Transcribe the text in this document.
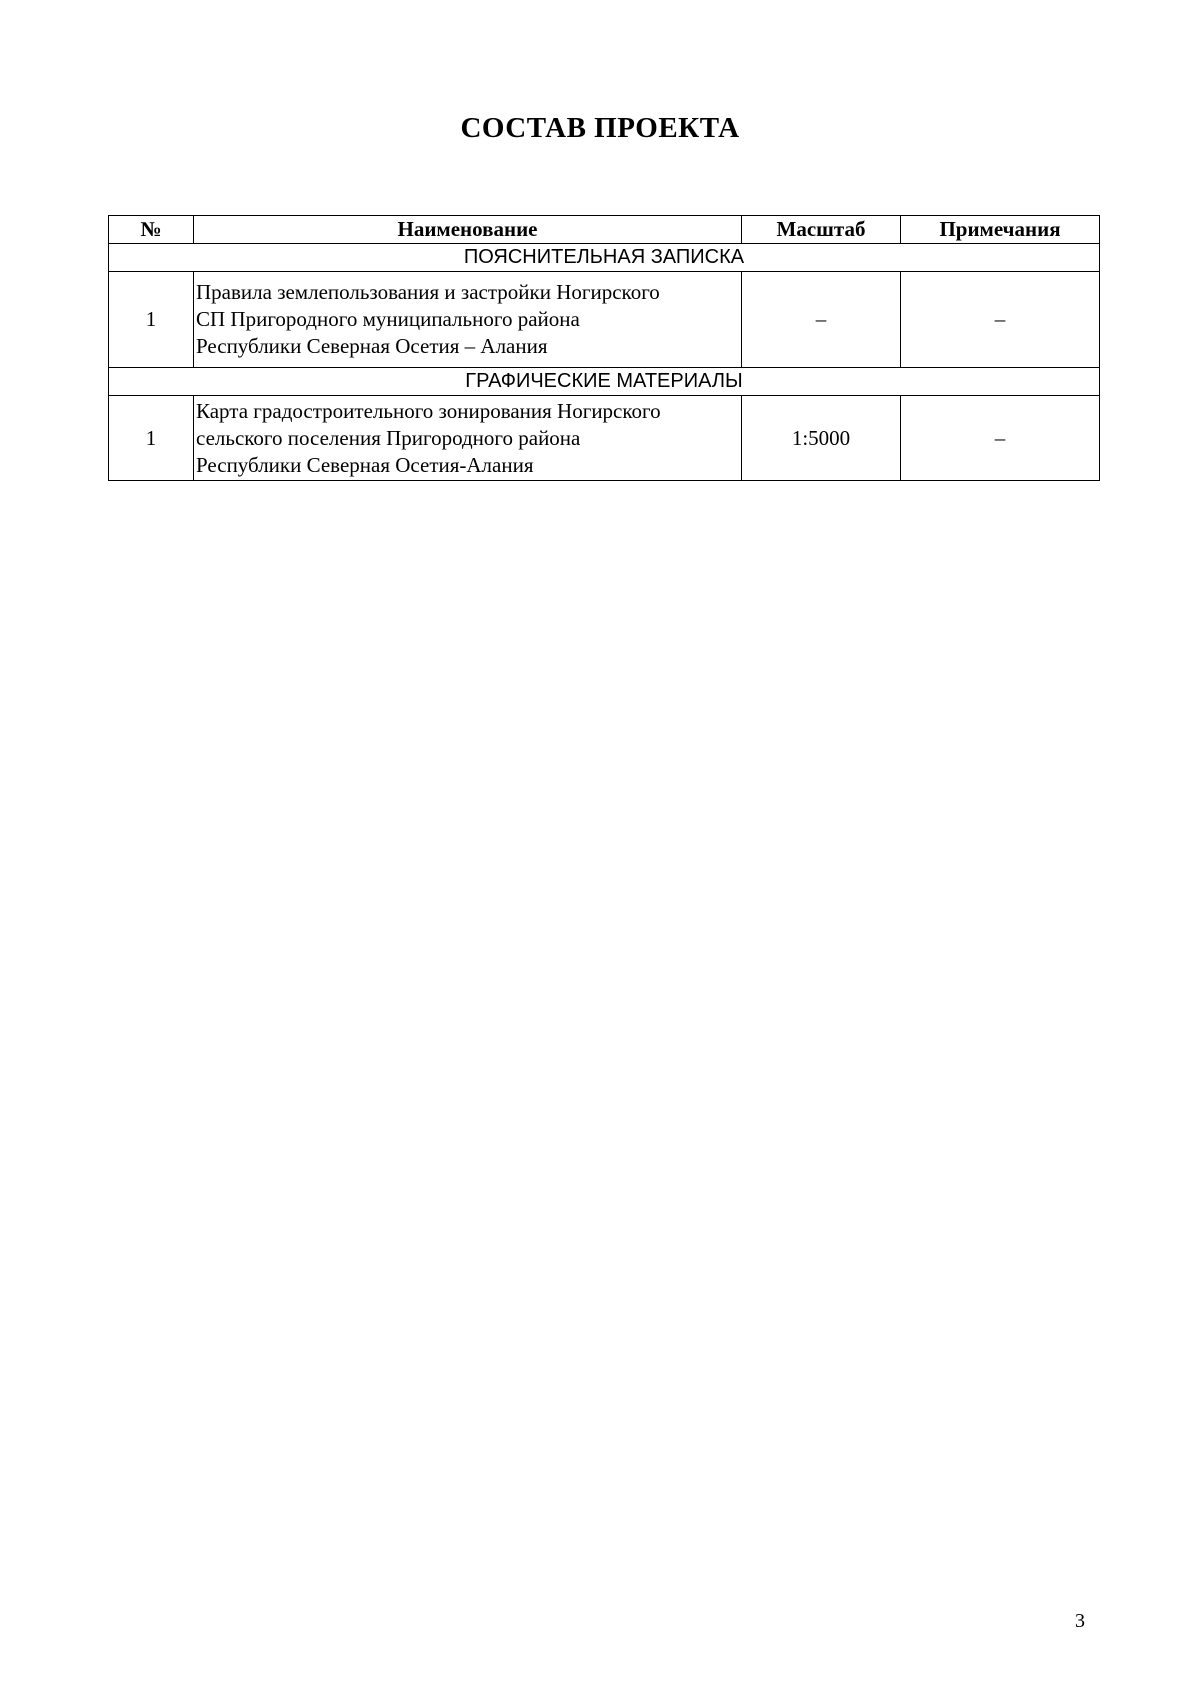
СОСТАВ ПРОЕКТА
№	Наименование	Масштаб	Примечания
ПОЯСНИТЕЛЬНАЯ ЗАПИСКА			
1	Правила землепользования и застройки Ногирского
СП Пригородного муниципального района
Республики Северная Осетия – Алания	–	–
ГРАФИЧЕСКИЕ МАТЕРИАЛЫ			
1	Карта градостроительного зонирования Ногирского
сельского поселения Пригородного района
Республики Северная Осетия-Алания	1:5000	–
3
